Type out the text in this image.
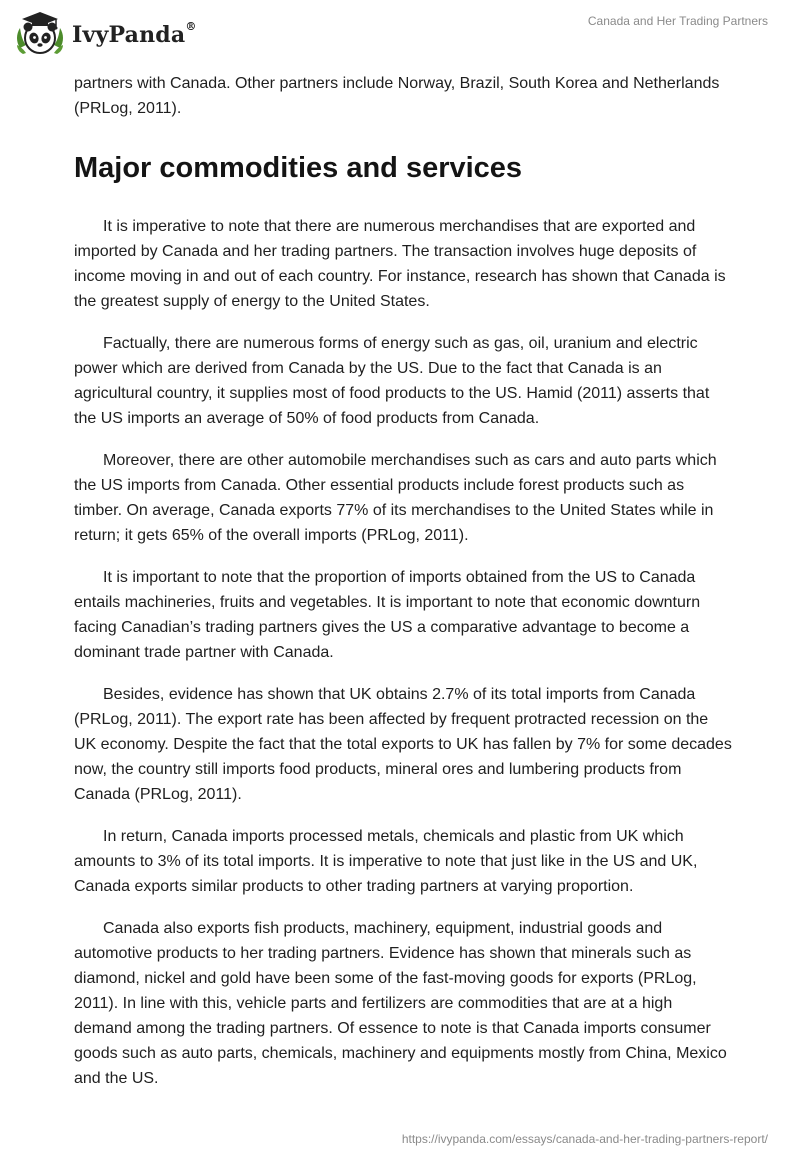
IvyPanda®	Canada and Her Trading Partners

partners with Canada. Other partners include Norway, Brazil, South Korea and Netherlands (PRLog, 2011).

Major commodities and services

It is imperative to note that there are numerous merchandises that are exported and imported by Canada and her trading partners. The transaction involves huge deposits of income moving in and out of each country. For instance, research has shown that Canada is the greatest supply of energy to the United States.

Factually, there are numerous forms of energy such as gas, oil, uranium and electric power which are derived from Canada by the US. Due to the fact that Canada is an agricultural country, it supplies most of food products to the US. Hamid (2011) asserts that the US imports an average of 50% of food products from Canada.

Moreover, there are other automobile merchandises such as cars and auto parts which the US imports from Canada. Other essential products include forest products such as timber. On average, Canada exports 77% of its merchandises to the United States while in return; it gets 65% of the overall imports (PRLog, 2011).

It is important to note that the proportion of imports obtained from the US to Canada entails machineries, fruits and vegetables. It is important to note that economic downturn facing Canadian’s trading partners gives the US a comparative advantage to become a dominant trade partner with Canada.

Besides, evidence has shown that UK obtains 2.7% of its total imports from Canada (PRLog, 2011). The export rate has been affected by frequent protracted recession on the UK economy. Despite the fact that the total exports to UK has fallen by 7% for some decades now, the country still imports food products, mineral ores and lumbering products from Canada (PRLog, 2011).

In return, Canada imports processed metals, chemicals and plastic from UK which amounts to 3% of its total imports. It is imperative to note that just like in the US and UK, Canada exports similar products to other trading partners at varying proportion.

Canada also exports fish products, machinery, equipment, industrial goods and automotive products to her trading partners. Evidence has shown that minerals such as diamond, nickel and gold have been some of the fast-moving goods for exports (PRLog, 2011). In line with this, vehicle parts and fertilizers are commodities that are at a high demand among the trading partners. Of essence to note is that Canada imports consumer goods such as auto parts, chemicals, machinery and equipments mostly from China, Mexico and the US.

https://ivypanda.com/essays/canada-and-her-trading-partners-report/
